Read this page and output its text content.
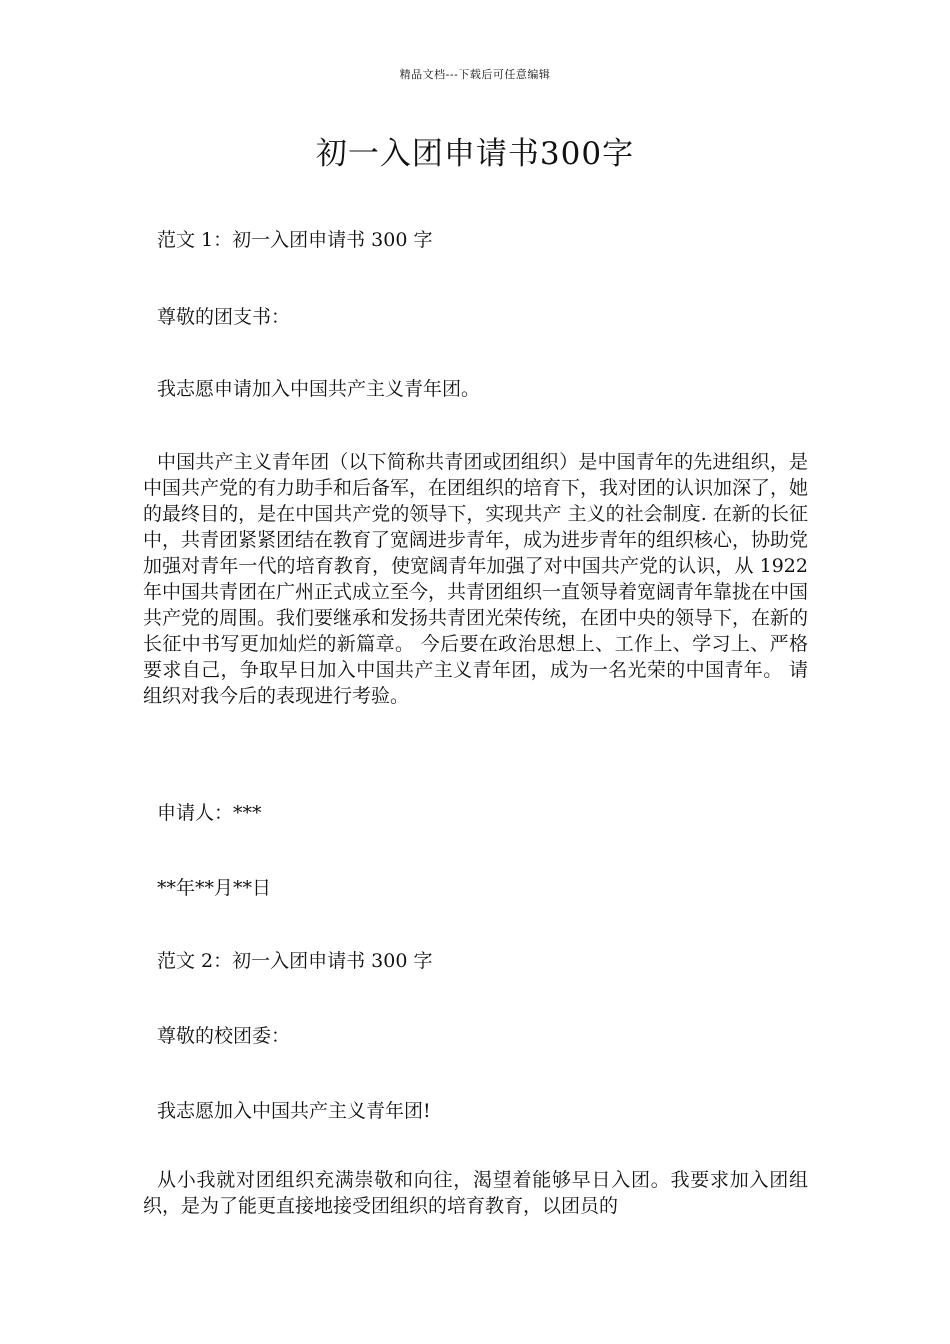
精品文档---下载后可任意编辑
初一入团申请书300字
范文 1：初一入团申请书 300 字
尊敬的团支书：
我志愿申请加入中国共产主义青年团。
中国共产主义青年团（以下简称共青团或团组织）是中国青年的先进组织，是中国共产党的有力助手和后备军，在团组织的培育下，我对团的认识加深了，她的最终目的，是在中国共产党的领导下，实现共产 主义的社会制度. 在新的长征中，共青团紧紧团结在教育了宽阔进步青年，成为进步青年的组织核心，协助党加强对青年一代的培育教育，使宽阔青年加强了对中国共产党的认识，从 1922年中国共青团在广州正式成立至今，共青团组织一直领导着宽阔青年靠拢在中国共产党的周围。我们要继承和发扬共青团光荣传统，在团中央的领导下，在新的长征中书写更加灿烂的新篇章。 今后要在政治思想上、工作上、学习上、严格要求自己，争取早日加入中国共产主义青年团，成为一名光荣的中国青年。 请组织对我今后的表现进行考验。
申请人：***
**年**月**日
范文 2：初一入团申请书 300 字
尊敬的校团委：
我志愿加入中国共产主义青年团!
从小我就对团组织充满崇敬和向往，渴望着能够早日入团。我要求加入团组织，是为了能更直接地接受团组织的培育教育，以团员的
